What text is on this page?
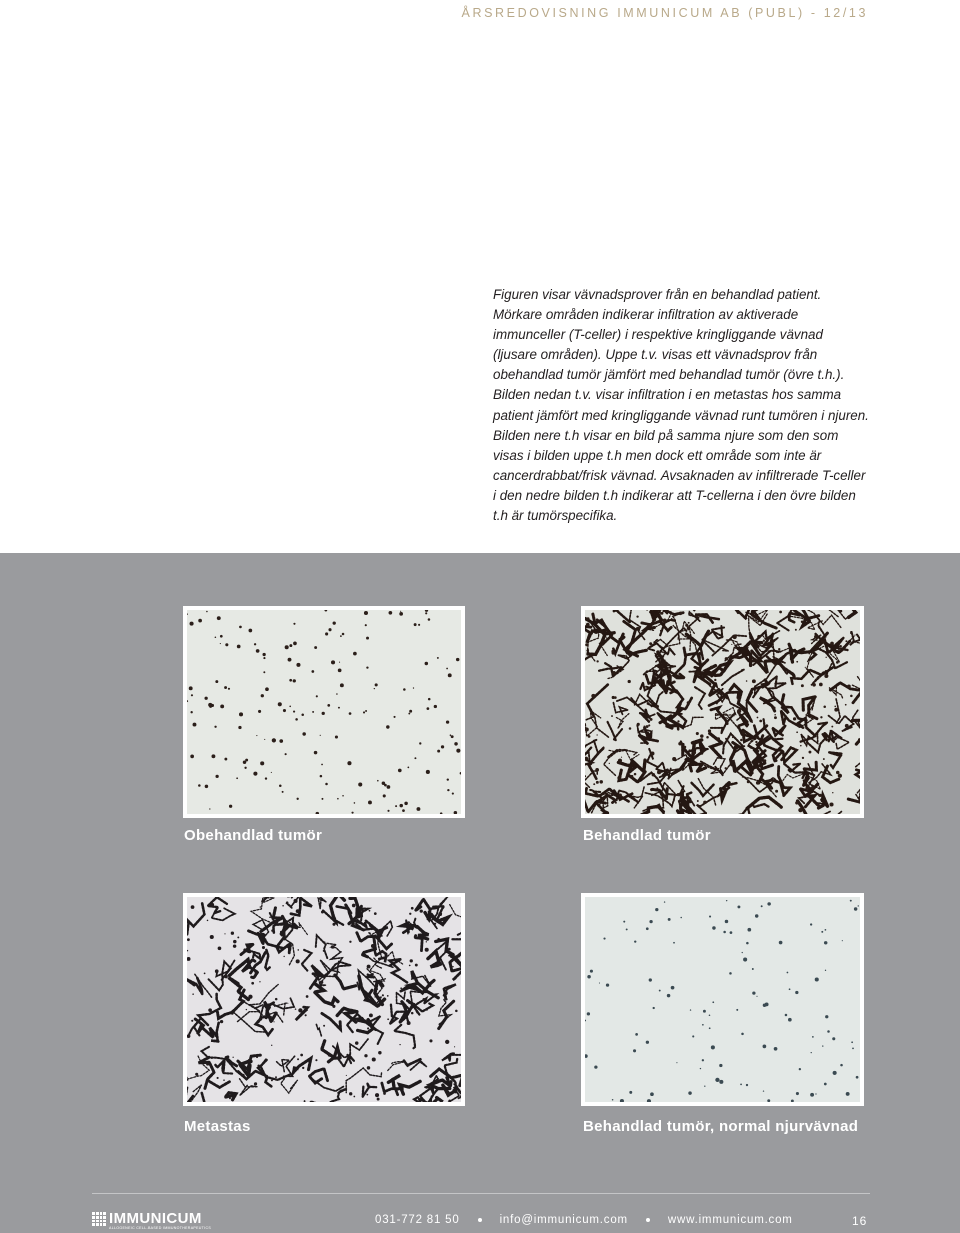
ÅRSREDOVISNING IMMUNICUM AB (PUBL) - 12/13

Figuren visar vävnadsprover från en behandlad patient. Mörkare områden indikerar infiltration av aktiverade immunceller (T-celler) i respektive kringliggande vävnad (ljusare områden). Uppe t.v. visas ett vävnadsprov från obehandlad tumör jämfört med behandlad tumör (övre t.h.). Bilden nedan t.v. visar infiltration i en metastas hos samma patient jämfört med kringliggande vävnad runt tumören i njuren. Bilden nere t.h visar en bild på samma njure som den som visas i bilden uppe t.h men dock ett område som inte är cancerdrabbat/frisk vävnad. Avsaknaden av infiltrerade T-celler i den nedre bilden t.h indikerar att T-cellerna i den övre bilden t.h är tumörspecifika.

Obehandlad tumör	Behandlad tumör
Metastas	Behandlad tumör, normal njurvävnad
IMMUNICUM
ALLOGENEIC CELL-BASED IMMUNOTHERAPEUTICS
031-772 81 50	info@immunicum.com	www.immunicum.com	16
